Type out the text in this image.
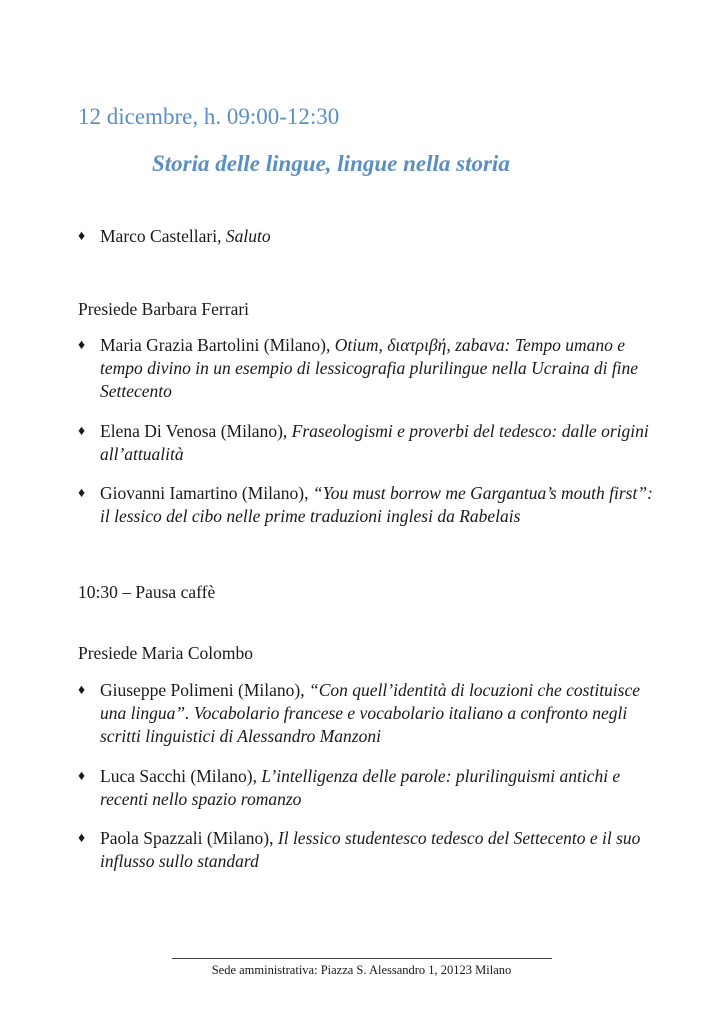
12 dicembre, h. 09:00-12:30
Storia delle lingue, lingue nella storia
♦ Marco Castellari, Saluto
Presiede Barbara Ferrari
♦ Maria Grazia Bartolini (Milano), Otium, διατριβή, zabava: Tempo umano e tempo divino in un esempio di lessicografia plurilingue nella Ucraina di fine Settecento
♦ Elena Di Venosa (Milano), Fraseologismi e proverbi del tedesco: dalle origini all’attualità
♦ Giovanni Iamartino (Milano), “You must borrow me Gargantua’s mouth first”: il lessico del cibo nelle prime traduzioni inglesi da Rabelais
10:30 – Pausa caffè
Presiede Maria Colombo
♦ Giuseppe Polimeni (Milano), “Con quell’identità di locuzioni che costituisce una lingua”. Vocabolario francese e vocabolario italiano a confronto negli scritti linguistici di Alessandro Manzoni
♦ Luca Sacchi (Milano), L’intelligenza delle parole: plurilinguismi antichi e recenti nello spazio romanzo
♦ Paola Spazzali (Milano), Il lessico studentesco tedesco del Settecento e il suo influsso sullo standard
Sede amministrativa: Piazza S. Alessandro 1, 20123 Milano
